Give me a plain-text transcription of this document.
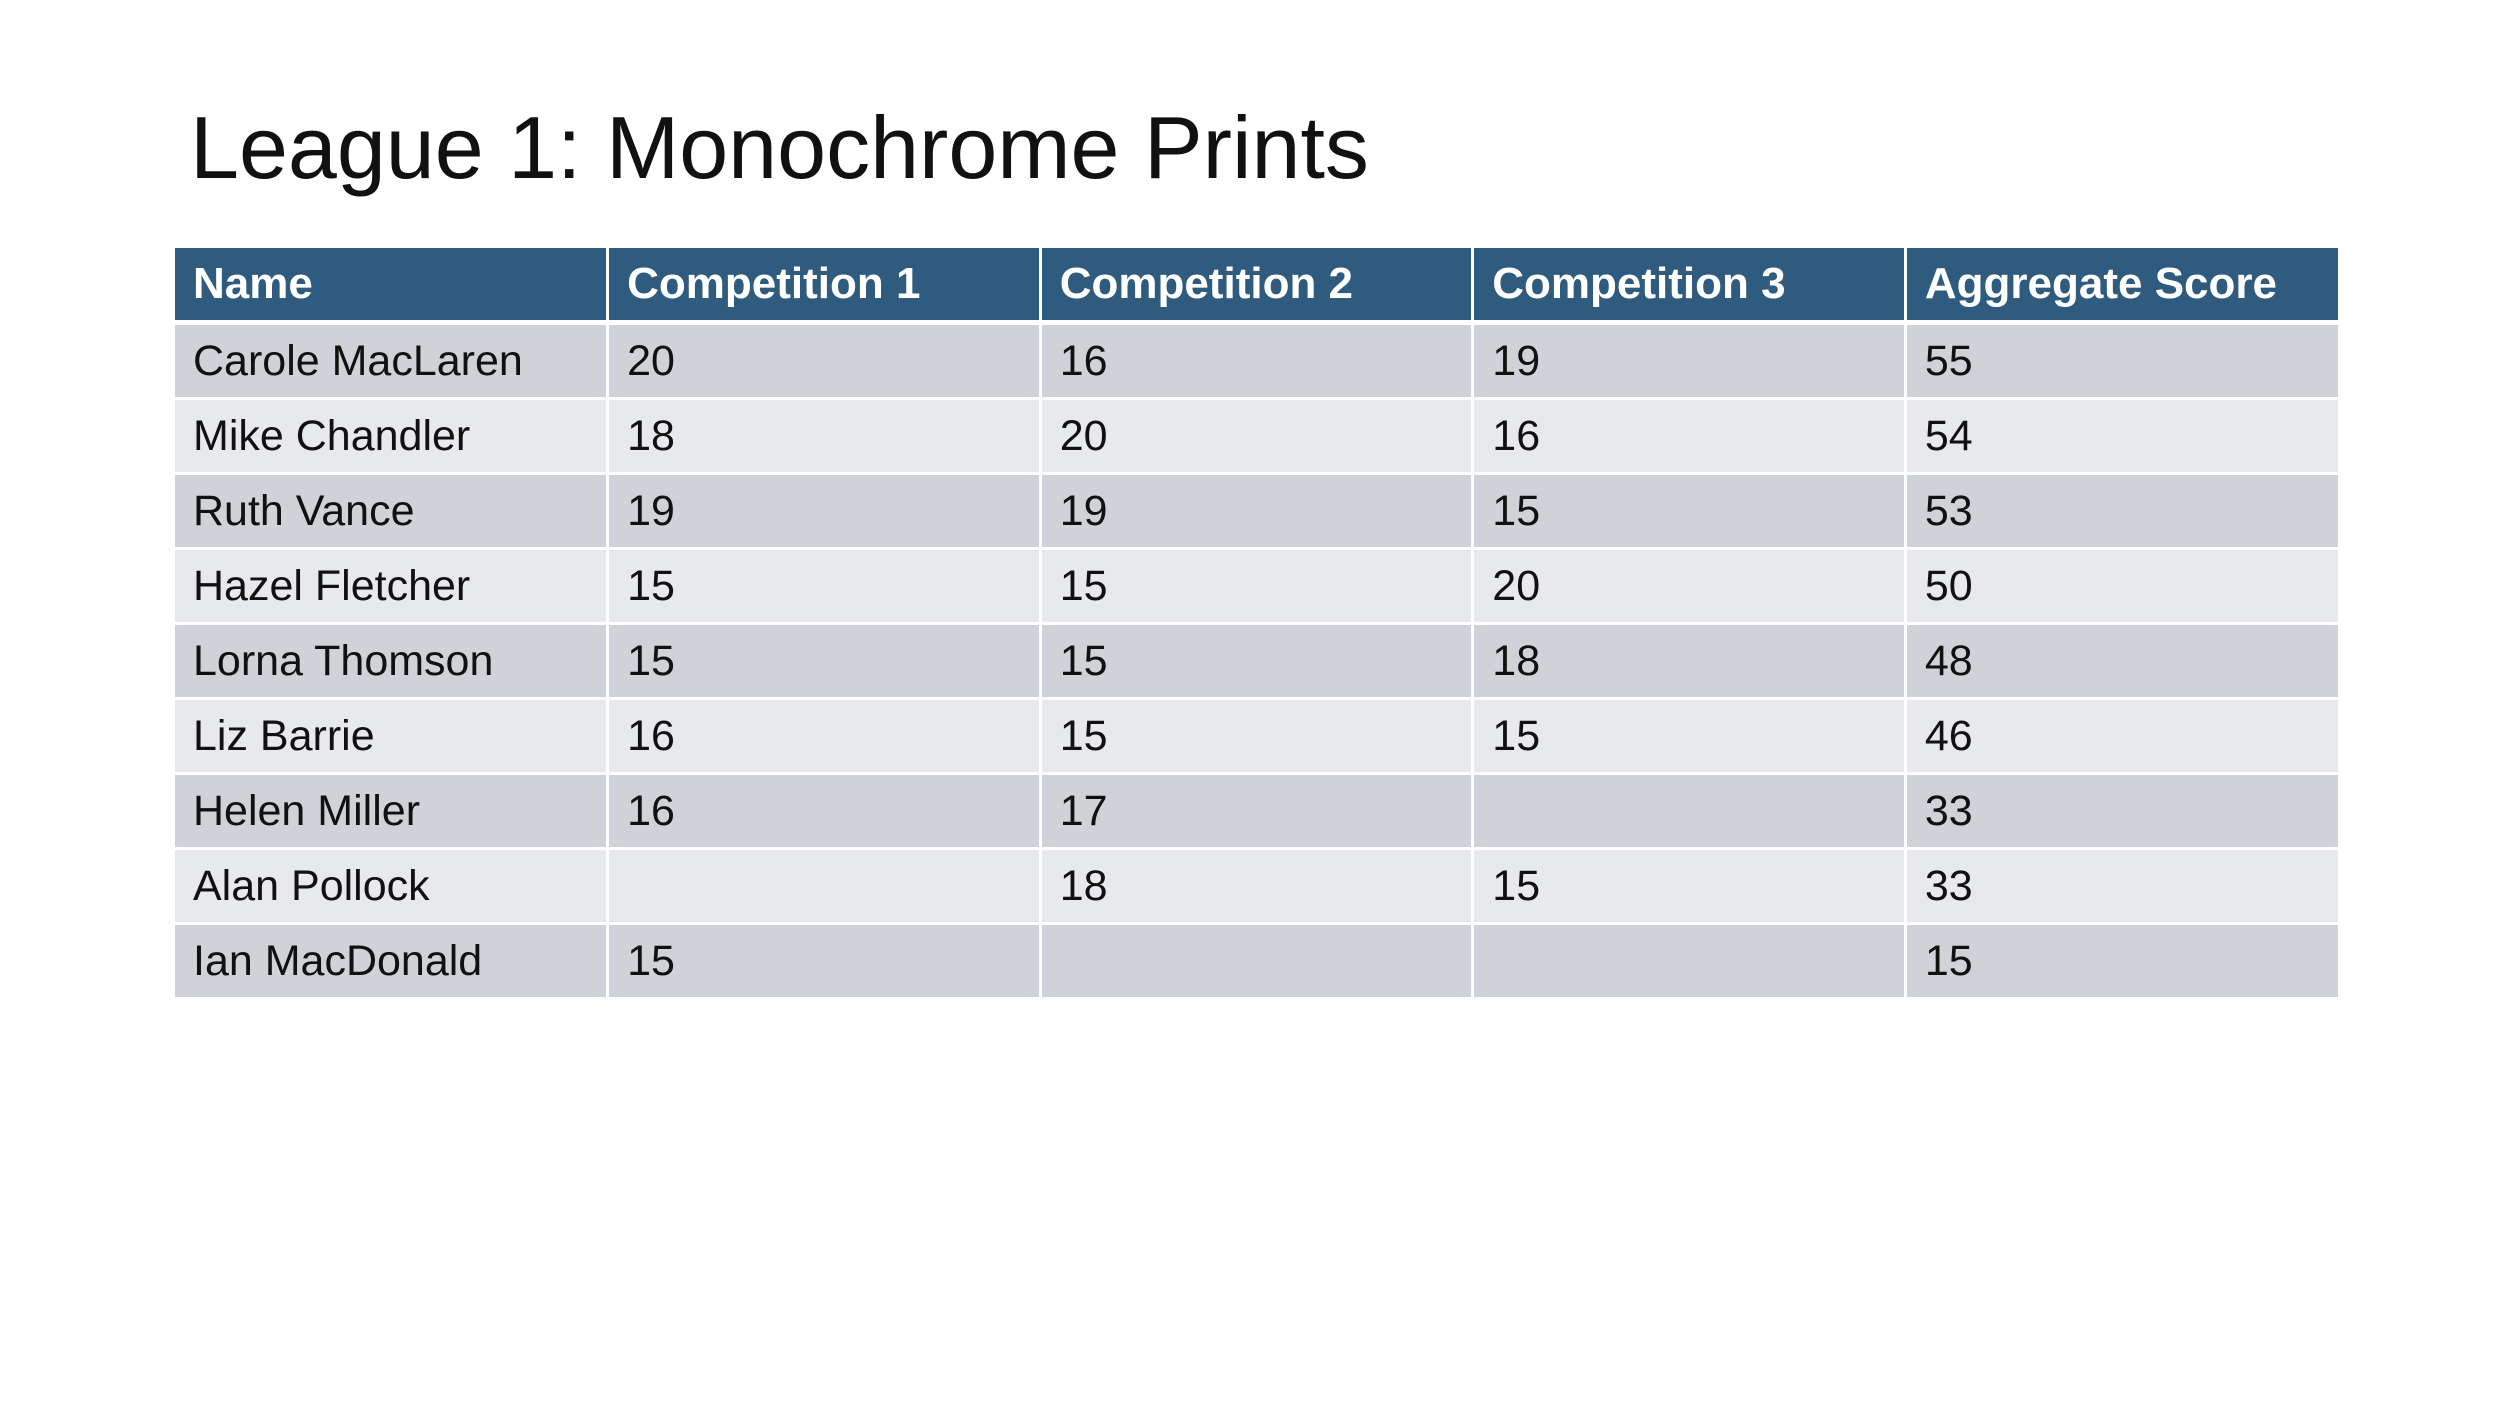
League 1: Monochrome Prints
Name	Competition 1	Competition 2	Competition 3	Aggregate Score
Carole MacLaren	20	16	19	55
Mike Chandler	18	20	16	54
Ruth Vance	19	19	15	53
Hazel Fletcher	15	15	20	50
Lorna Thomson	15	15	18	48
Liz Barrie	16	15	15	46
Helen Miller	16	17		33
Alan Pollock		18	15	33
Ian MacDonald	15			15
